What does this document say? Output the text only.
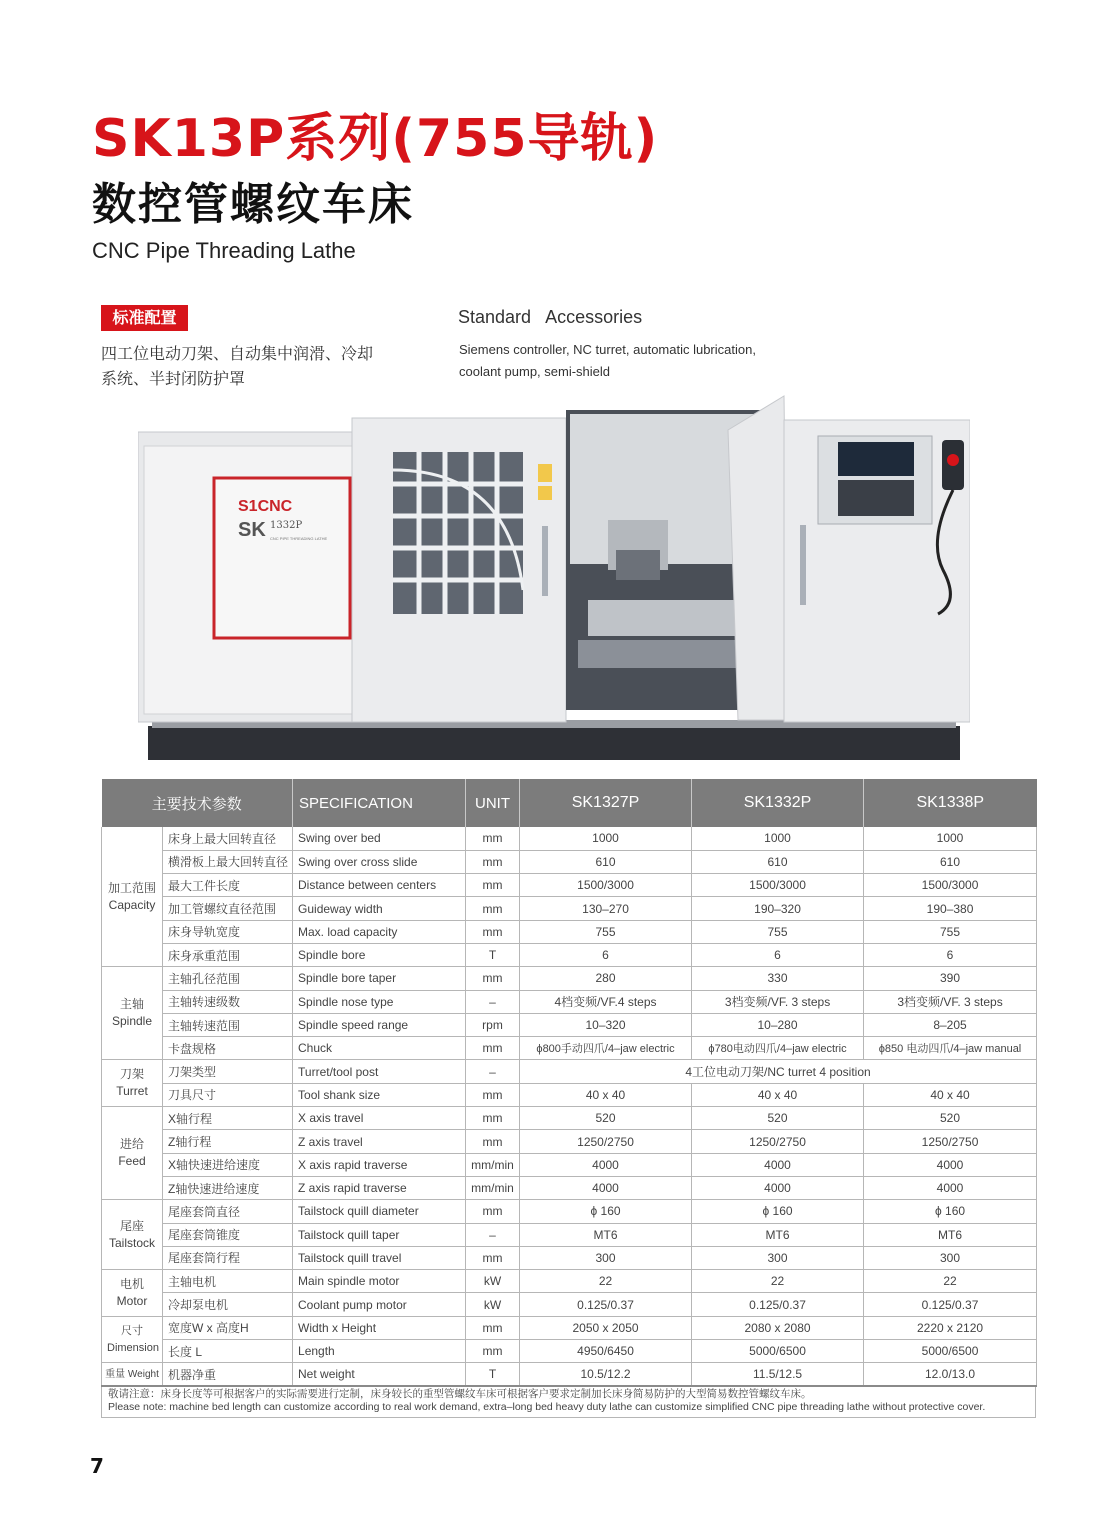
SK13P系列(755导轨)
数控管螺纹车床
CNC Pipe Threading Lathe
标准配置
四工位电动刀架、自动集中润滑、冷却系统、半封闭防护罩
Standard   Accessories
Siemens controller, NC turret, automatic lubrication, coolant pump, semi-shield
S1CNC
SK 1332P
CNC PIPE THREADING LATHE
主要技术参数		SPECIFICATION	UNIT	SK1327P	SK1332P	SK1338P
加工范围
Capacity	床身上最大回转直径	Swing over bed	mm	1000	1000	1000
	横滑板上最大回转直径	Swing over cross slide	mm	610	610	610
	最大工件长度	Distance between centers	mm	1500/3000	1500/3000	1500/3000
	加工管螺纹直径范围	Guideway width	mm	130–270	190–320	190–380
	床身导轨宽度	Max. load capacity	mm	755	755	755
	床身承重范围	Spindle bore	T	6	6	6
主轴
Spindle	主轴孔径范围	Spindle bore taper	mm	280	330	390
	主轴转速级数	Spindle nose type	–	4档变频/VF.4 steps	3档变频/VF. 3 steps	3档变频/VF. 3 steps
	主轴转速范围	Spindle speed range	rpm	10–320	10–280	8–205
	卡盘规格	Chuck	mm	ϕ800手动四爪/4–jaw electric	ϕ780电动四爪/4–jaw electric	ϕ850 电动四爪/4–jaw manual
刀架
Turret	刀架类型	Turret/tool post	–	4工位电动刀架/NC turret 4 position		
	刀具尺寸	Tool shank size	mm	40 x 40	40 x 40	40 x 40
进给
Feed	X轴行程	X axis travel	mm	520	520	520
	Z轴行程	Z axis travel	mm	1250/2750	1250/2750	1250/2750
	X轴快速进给速度	X axis rapid traverse	mm/min	4000	4000	4000
	Z轴快速进给速度	Z axis rapid traverse	mm/min	4000	4000	4000
尾座
Tailstock	尾座套筒直径	Tailstock quill diameter	mm	ϕ 160	ϕ 160	ϕ 160
	尾座套筒锥度	Tailstock quill taper	–	MT6	MT6	MT6
	尾座套筒行程	Tailstock quill travel	mm	300	300	300
电机
Motor	主轴电机	Main spindle motor	kW	22	22	22
	冷却泵电机	Coolant pump motor	kW	0.125/0.37	0.125/0.37	0.125/0.37
尺寸
Dimension	宽度W x 高度H	Width x Height	mm	2050 x 2050	2080 x 2080	2220 x 2120
	长度 L	Length	mm	4950/6450	5000/6500	5000/6500
重量 Weight	机器净重	Net weight	T	10.5/12.2	11.5/12.5	12.0/13.0
敬请注意：床身长度等可根据客户的实际需要进行定制，床身较长的重型管螺纹车床可根据客户要求定制加长床身简易防护的大型简易数控管螺纹车床。
Please note: machine bed length can customize according to real work demand, extra–long bed heavy duty lathe can customize simplified CNC pipe threading lathe without protective cover.
7
